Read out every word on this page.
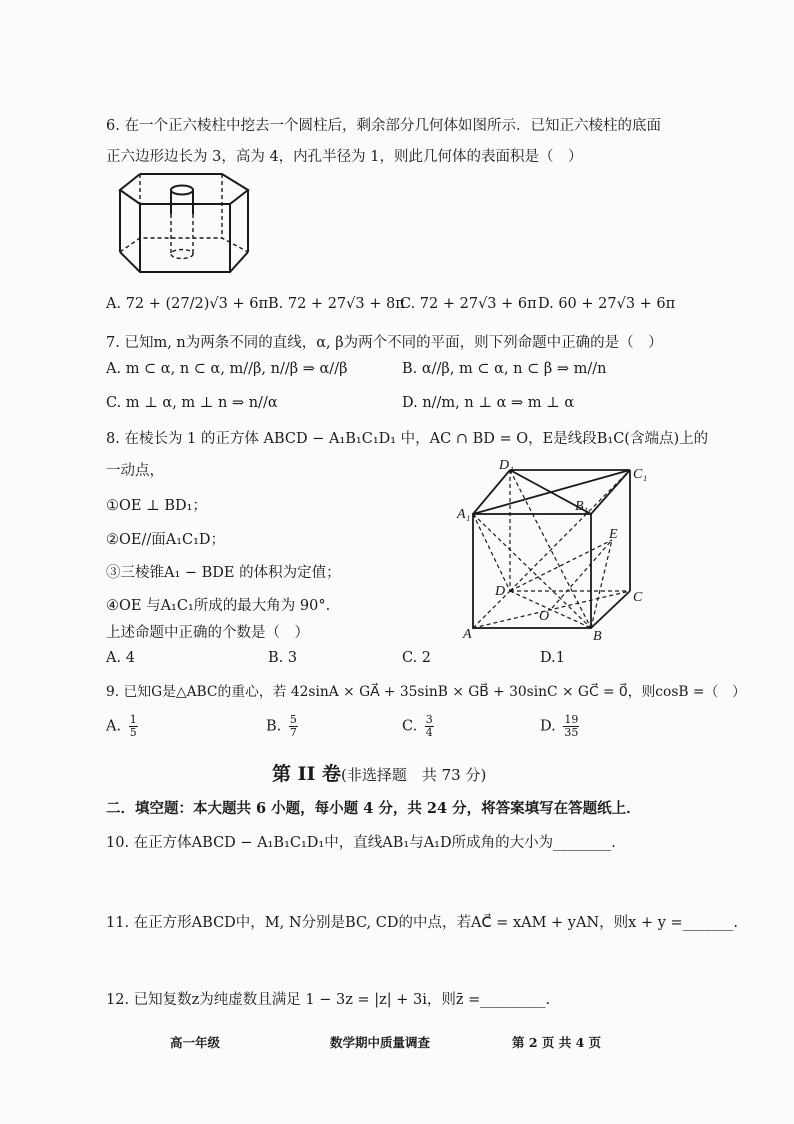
6. 在一个正六棱柱中挖去一个圆柱后，剩余部分几何体如图所示．已知正六棱柱的底面
正六边形边长为 3，高为 4，内孔半径为 1，则此几何体的表面积是（　）
A. 72 + (27/2)√3 + 6π B. 72 + 27√3 + 8π
C. 72 + 27√3 + 6π D. 60 + 27√3 + 6π
7. 已知m, n为两条不同的直线，α, β为两个不同的平面，则下列命题中正确的是（　）
A. m ⊂ α, n ⊂ α, m//β, n//β ⇒ α//β	B. α//β, m ⊂ α, n ⊂ β ⇒ m//n
C. m ⊥ α, m ⊥ n ⇒ n//α	D. n//m, n ⊥ α ⇒ m ⊥ α
8. 在棱长为 1 的正方体 ABCD − A₁B₁C₁D₁ 中，AC ∩ BD = O，E是线段B₁C(含端点)上的
一动点，
①OE ⊥ BD₁；
②OE//面A₁C₁D；
③三棱锥A₁ − BDE 的体积为定值；
④OE 与A₁C₁所成的最大角为 90°.
上述命题中正确的个数是（　）
D₁
C₁
A₁
B₁
E
D	C
O
A	B
A. 4	B. 3	C. 2	D.1
9. 已知G是△ABC的重心，若 42sinA × GA⃗ + 35sinB × GB⃗ + 30sinC × GC⃗ = 0⃗，则cosB =（　）
A. $\frac{1}{5}$	B. $\frac{5}{7}$	C. $\frac{3}{4}$	D. $\frac{19}{35}$
第 II 卷(非选择题　共 73 分)
二．填空题：本大题共 6 小题，每小题 4 分，共 24 分，将答案填写在答题纸上．
10. 在正方体ABCD − A₁B₁C₁D₁中，直线AB₁与A₁D所成角的大小为________.
11. 在正方形ABCD中，M, N分别是BC, CD的中点，若AC⃗ = xAM + yAN，则x + y =_______.
12. 已知复数z为纯虚数且满足 1 − 3z = |z| + 3i，则z̄ =_________.
高一年级	数学期中质量调查	第 2 页 共 4 页
